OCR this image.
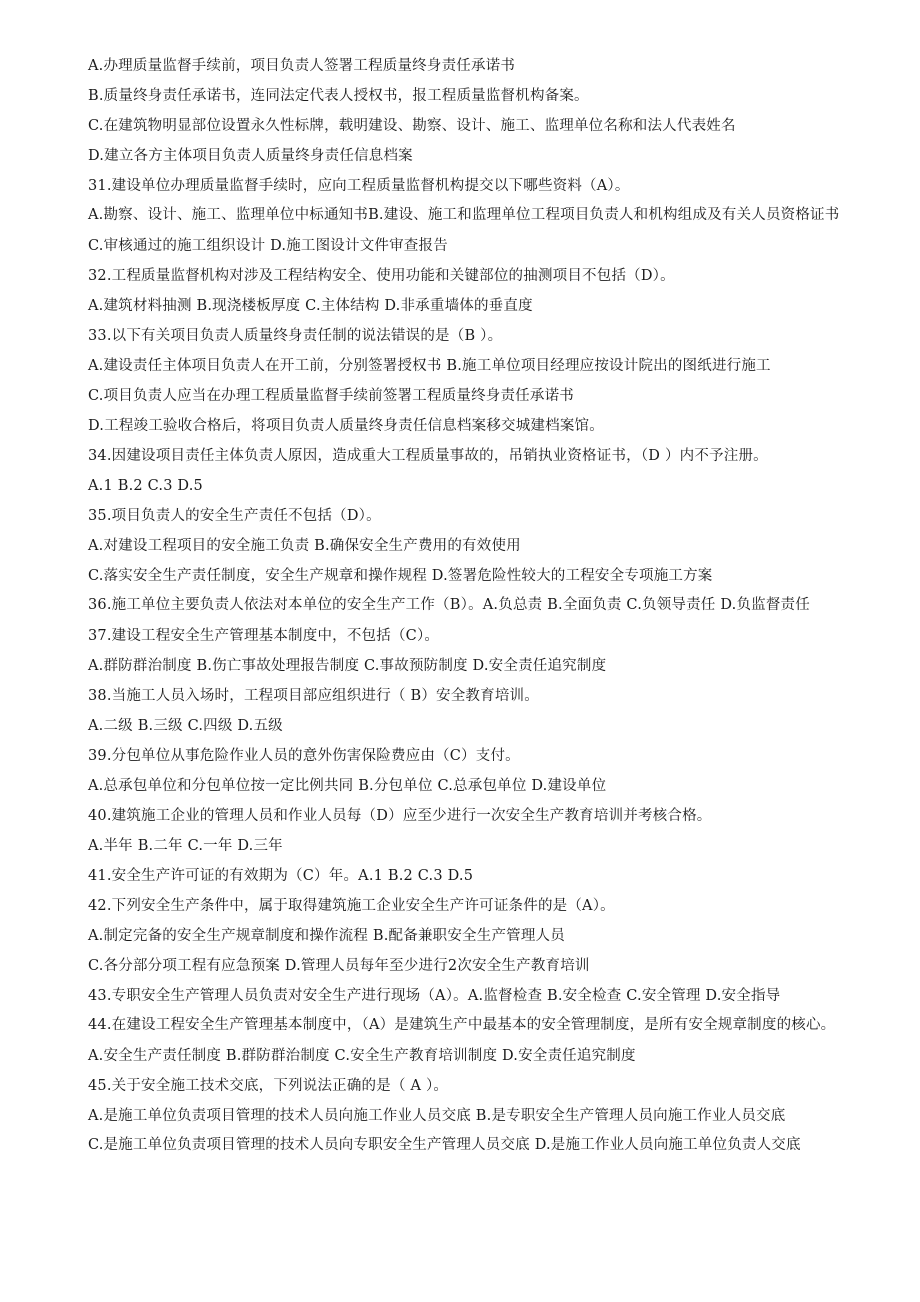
A.办理质量监督手续前，项目负责人签署工程质量终身责任承诺书
B.质量终身责任承诺书，连同法定代表人授权书，报工程质量监督机构备案。
C.在建筑物明显部位设置永久性标牌，载明建设、勘察、设计、施工、监理单位名称和法人代表姓名
D.建立各方主体项目负责人质量终身责任信息档案
31.建设单位办理质量监督手续时，应向工程质量监督机构提交以下哪些资料（A）。
A.勘察、设计、施工、监理单位中标通知书B.建设、施工和监理单位工程项目负责人和机构组成及有关人员资格证书
C.审核通过的施工组织设计 D.施工图设计文件审查报告
32.工程质量监督机构对涉及工程结构安全、使用功能和关键部位的抽测项目不包括（D）。
A.建筑材料抽测 B.现浇楼板厚度 C.主体结构 D.非承重墙体的垂直度
33.以下有关项目负责人质量终身责任制的说法错误的是（B ）。
A.建设责任主体项目负责人在开工前，分别签署授权书 B.施工单位项目经理应按设计院出的图纸进行施工
C.项目负责人应当在办理工程质量监督手续前签署工程质量终身责任承诺书
D.工程竣工验收合格后，将项目负责人质量终身责任信息档案移交城建档案馆。
34.因建设项目责任主体负责人原因，造成重大工程质量事故的，吊销执业资格证书，（D ）内不予注册。
A.1 B.2 C.3 D.5
35.项目负责人的安全生产责任不包括（D）。
A.对建设工程项目的安全施工负责 B.确保安全生产费用的有效使用
C.落实安全生产责任制度，安全生产规章和操作规程 D.签署危险性较大的工程安全专项施工方案
36.施工单位主要负责人依法对本单位的安全生产工作（B）。A.负总责 B.全面负责 C.负领导责任 D.负监督责任
37.建设工程安全生产管理基本制度中，不包括（C）。
A.群防群治制度 B.伤亡事故处理报告制度 C.事故预防制度 D.安全责任追究制度
38.当施工人员入场时，工程项目部应组织进行（ B）安全教育培训。
A.二级 B.三级 C.四级 D.五级
39.分包单位从事危险作业人员的意外伤害保险费应由（C）支付。
A.总承包单位和分包单位按一定比例共同 B.分包单位 C.总承包单位 D.建设单位
40.建筑施工企业的管理人员和作业人员每（D）应至少进行一次安全生产教育培训并考核合格。
A.半年 B.二年 C.一年 D.三年
41.安全生产许可证的有效期为（C）年。A.1 B.2 C.3 D.5
42.下列安全生产条件中，属于取得建筑施工企业安全生产许可证条件的是（A）。
A.制定完备的安全生产规章制度和操作流程 B.配备兼职安全生产管理人员
C.各分部分项工程有应急预案 D.管理人员每年至少进行2次安全生产教育培训
43.专职安全生产管理人员负责对安全生产进行现场（A）。A.监督检查 B.安全检查 C.安全管理 D.安全指导
44.在建设工程安全生产管理基本制度中，（A）是建筑生产中最基本的安全管理制度，是所有安全规章制度的核心。
A.安全生产责任制度 B.群防群治制度 C.安全生产教育培训制度 D.安全责任追究制度
45.关于安全施工技术交底，下列说法正确的是（ A ）。
A.是施工单位负责项目管理的技术人员向施工作业人员交底 B.是专职安全生产管理人员向施工作业人员交底
C.是施工单位负责项目管理的技术人员向专职安全生产管理人员交底 D.是施工作业人员向施工单位负责人交底
